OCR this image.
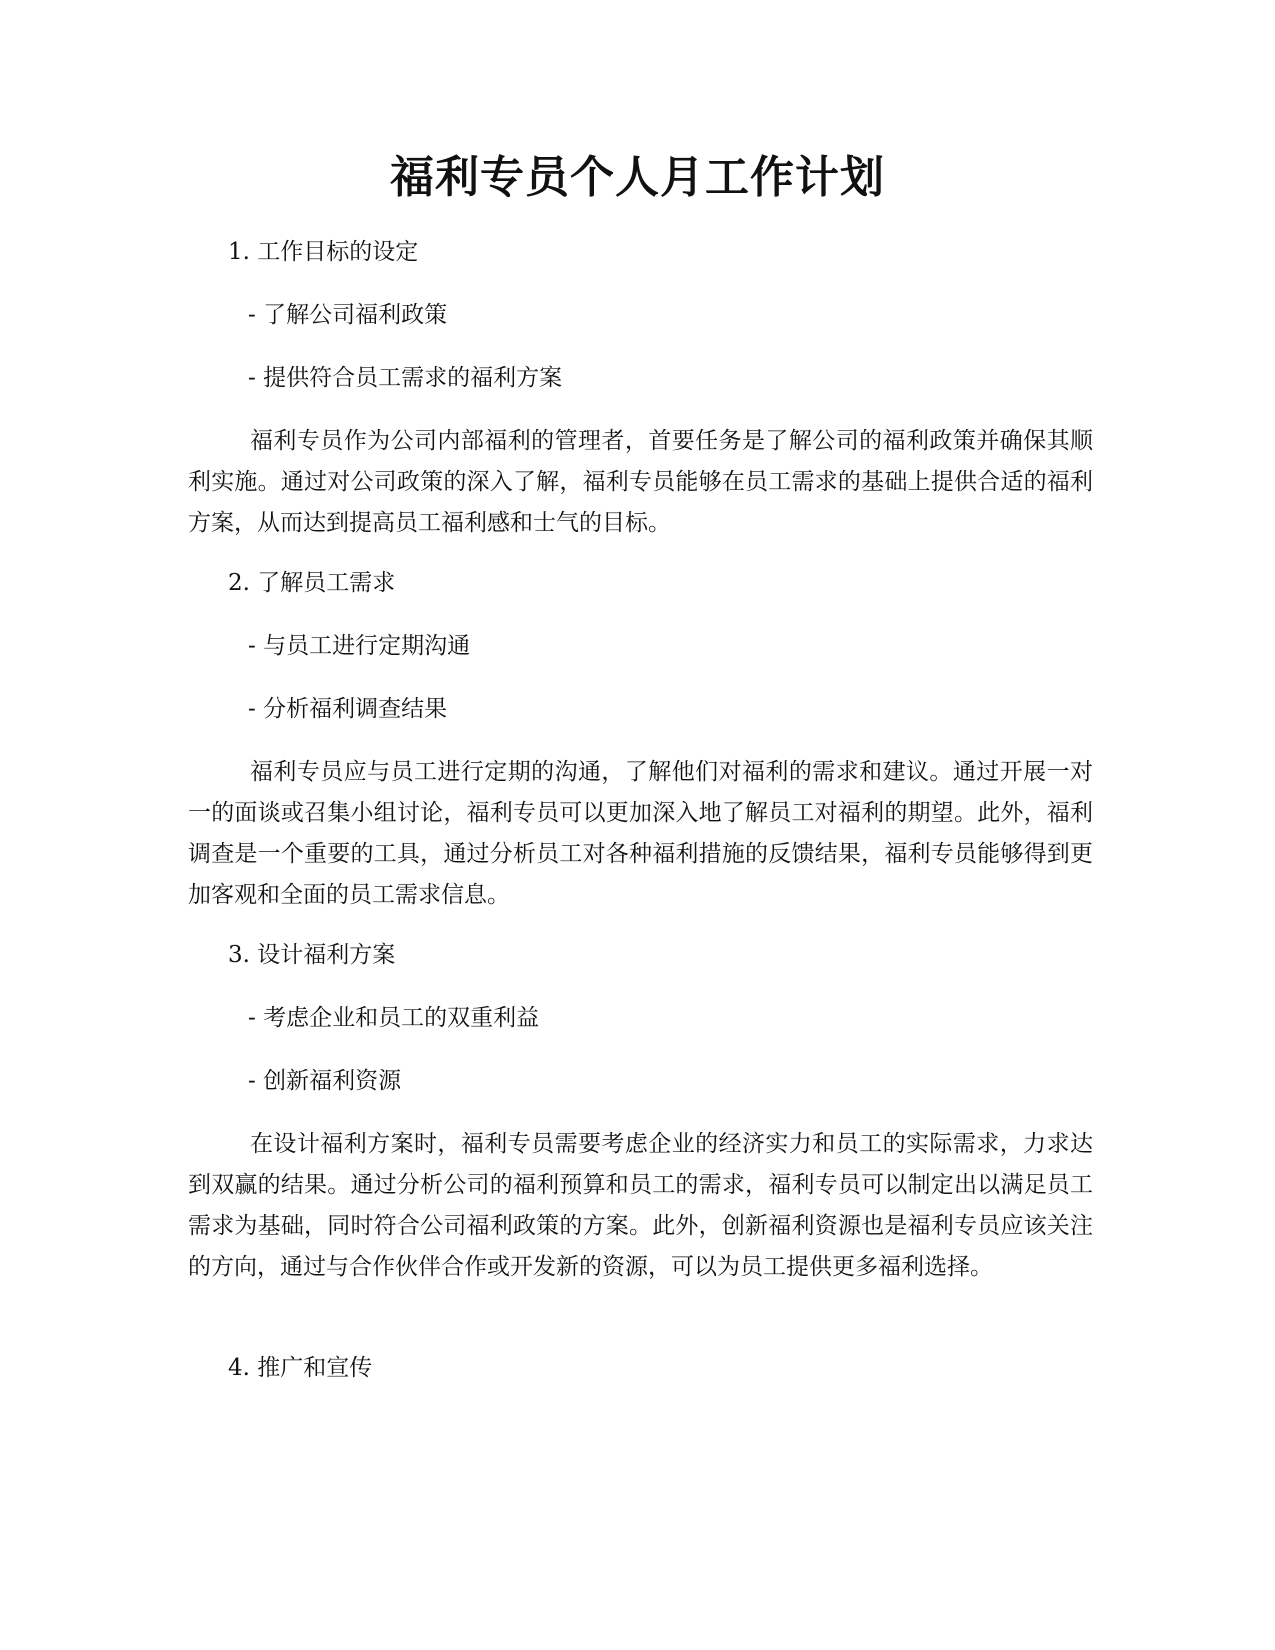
福利专员个人月工作计划

1. 工作目标的设定

- 了解公司福利政策

- 提供符合员工需求的福利方案

福利专员作为公司内部福利的管理者，首要任务是了解公司的福利政策并确保其顺利实施。通过对公司政策的深入了解，福利专员能够在员工需求的基础上提供合适的福利方案，从而达到提高员工福利感和士气的目标。

2. 了解员工需求

- 与员工进行定期沟通

- 分析福利调查结果

福利专员应与员工进行定期的沟通，了解他们对福利的需求和建议。通过开展一对一的面谈或召集小组讨论，福利专员可以更加深入地了解员工对福利的期望。此外，福利调查是一个重要的工具，通过分析员工对各种福利措施的反馈结果，福利专员能够得到更加客观和全面的员工需求信息。

3. 设计福利方案

- 考虑企业和员工的双重利益

- 创新福利资源

在设计福利方案时，福利专员需要考虑企业的经济实力和员工的实际需求，力求达到双赢的结果。通过分析公司的福利预算和员工的需求，福利专员可以制定出以满足员工需求为基础，同时符合公司福利政策的方案。此外，创新福利资源也是福利专员应该关注的方向，通过与合作伙伴合作或开发新的资源，可以为员工提供更多福利选择。

4. 推广和宣传
